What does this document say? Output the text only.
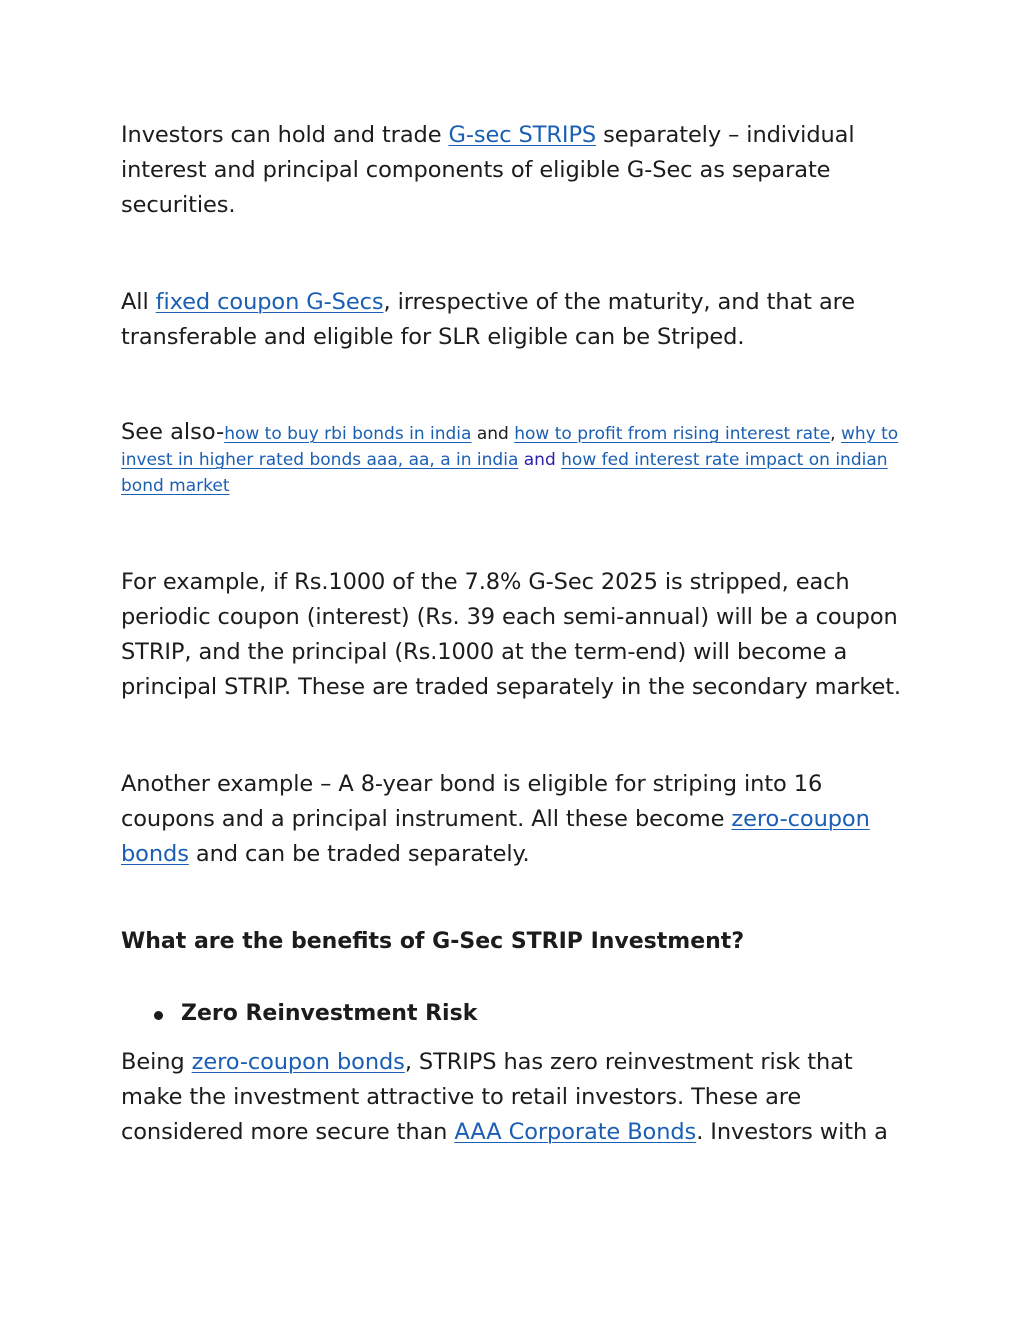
Investors can hold and trade G-sec STRIPS separately – individual interest and principal components of eligible G-Sec as separate securities.

All fixed coupon G-Secs, irrespective of the maturity, and that are transferable and eligible for SLR eligible can be Striped.

See also-how to buy rbi bonds in india and how to profit from rising interest rate, why to invest in higher rated bonds aaa, aa, a in india and how fed interest rate impact on indian bond market

For example, if Rs.1000 of the 7.8% G-Sec 2025 is stripped, each periodic coupon (interest) (Rs. 39 each semi-annual) will be a coupon STRIP, and the principal (Rs.1000 at the term-end) will become a principal STRIP. These are traded separately in the secondary market.

Another example – A 8-year bond is eligible for striping into 16 coupons and a principal instrument. All these become zero-coupon bonds and can be traded separately.

What are the benefits of G-Sec STRIP Investment?

Zero Reinvestment Risk

Being zero-coupon bonds, STRIPS has zero reinvestment risk that make the investment attractive to retail investors. These are considered more secure than AAA Corporate Bonds. Investors with a
